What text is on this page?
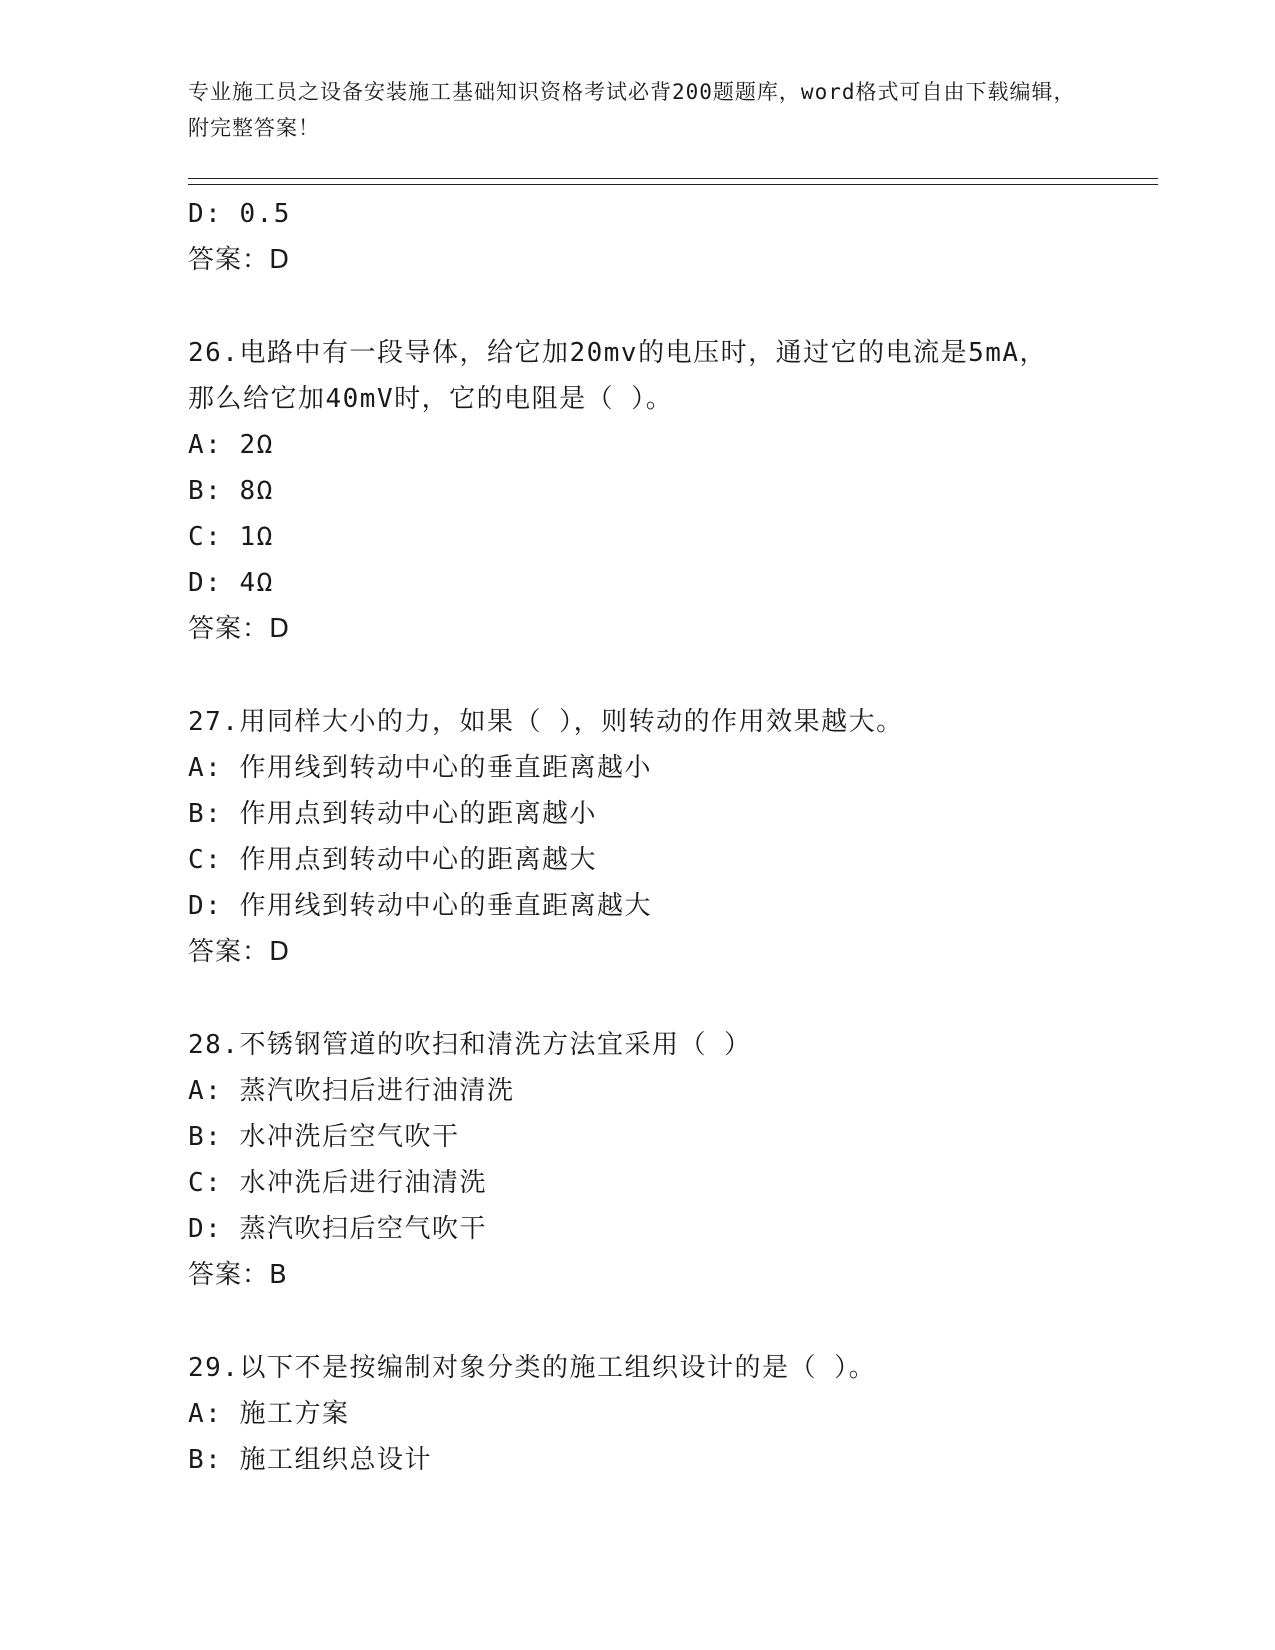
专业施工员之设备安装施工基础知识资格考试必背200题题库，word格式可自由下载编辑，附完整答案！
D: 0.5
答案：D
26.电路中有一段导体，给它加20mv的电压时，通过它的电流是5mA，
那么给它加40mV时，它的电阻是（ ）。
A: 2Ω
B: 8Ω
C: 1Ω
D: 4Ω
答案：D
27.用同样大小的力，如果（ ），则转动的作用效果越大。
A: 作用线到转动中心的垂直距离越小
B: 作用点到转动中心的距离越小
C: 作用点到转动中心的距离越大
D: 作用线到转动中心的垂直距离越大
答案：D
28.不锈钢管道的吹扫和清洗方法宜采用（ ）
A: 蒸汽吹扫后进行油清洗
B: 水冲洗后空气吹干
C: 水冲洗后进行油清洗
D: 蒸汽吹扫后空气吹干
答案：B
29.以下不是按编制对象分类的施工组织设计的是（ ）。
A: 施工方案
B: 施工组织总设计
